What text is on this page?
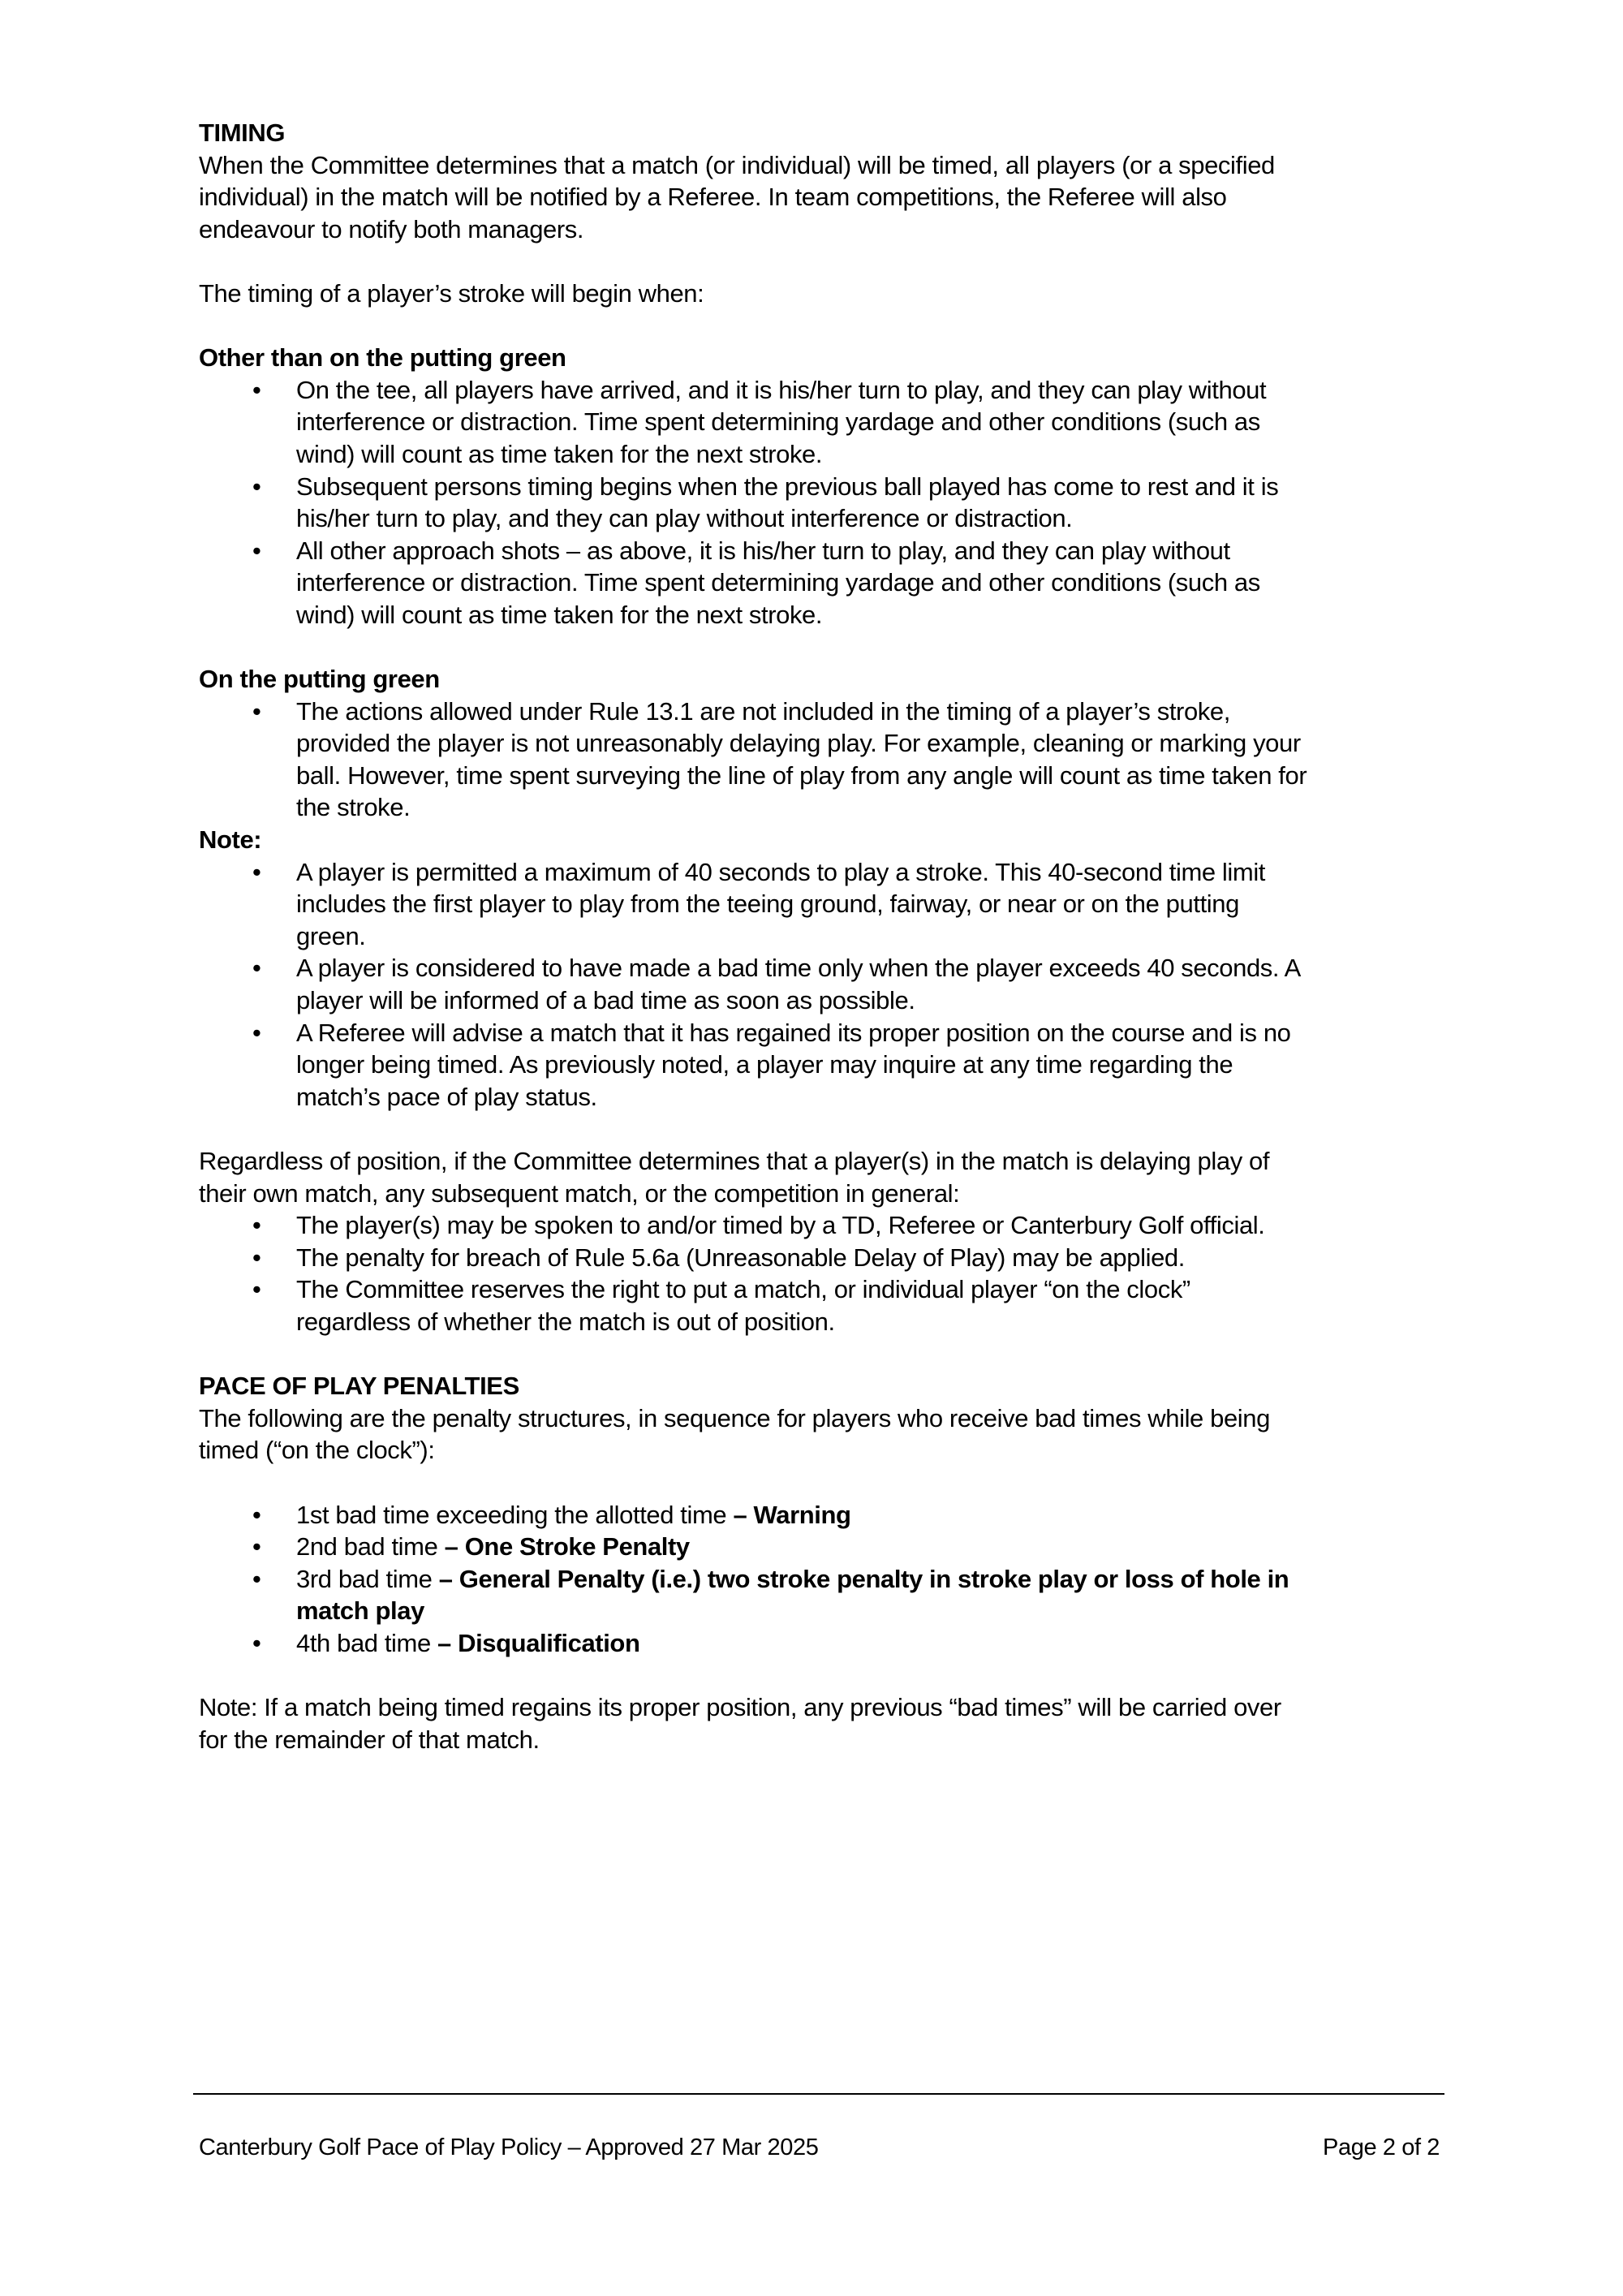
TIMING
When the Committee determines that a match (or individual) will be timed, all players (or a specified
individual) in the match will be notified by a Referee. In team competitions, the Referee will also
endeavour to notify both managers.
The timing of a player’s stroke will begin when:
Other than on the putting green
• On the tee, all players have arrived, and it is his/her turn to play, and they can play without
interference or distraction. Time spent determining yardage and other conditions (such as
wind) will count as time taken for the next stroke.
• Subsequent persons timing begins when the previous ball played has come to rest and it is
his/her turn to play, and they can play without interference or distraction.
• All other approach shots – as above, it is his/her turn to play, and they can play without
interference or distraction. Time spent determining yardage and other conditions (such as
wind) will count as time taken for the next stroke.
On the putting green
• The actions allowed under Rule 13.1 are not included in the timing of a player’s stroke,
provided the player is not unreasonably delaying play. For example, cleaning or marking your
ball. However, time spent surveying the line of play from any angle will count as time taken for
the stroke.
Note:
• A player is permitted a maximum of 40 seconds to play a stroke. This 40-second time limit
includes the first player to play from the teeing ground, fairway, or near or on the putting
green.
• A player is considered to have made a bad time only when the player exceeds 40 seconds. A
player will be informed of a bad time as soon as possible.
• A Referee will advise a match that it has regained its proper position on the course and is no
longer being timed. As previously noted, a player may inquire at any time regarding the
match’s pace of play status.
Regardless of position, if the Committee determines that a player(s) in the match is delaying play of
their own match, any subsequent match, or the competition in general:
• The player(s) may be spoken to and/or timed by a TD, Referee or Canterbury Golf official.
• The penalty for breach of Rule 5.6a (Unreasonable Delay of Play) may be applied.
• The Committee reserves the right to put a match, or individual player “on the clock”
regardless of whether the match is out of position.
PACE OF PLAY PENALTIES
The following are the penalty structures, in sequence for players who receive bad times while being
timed (“on the clock”):
• 1st bad time exceeding the allotted time – Warning
• 2nd bad time – One Stroke Penalty
• 3rd bad time – General Penalty (i.e.) two stroke penalty in stroke play or loss of hole in
match play
• 4th bad time – Disqualification
Note: If a match being timed regains its proper position, any previous “bad times” will be carried over
for the remainder of that match.
Canterbury Golf Pace of Play Policy – Approved 27 Mar 2025	Page 2 of 2
